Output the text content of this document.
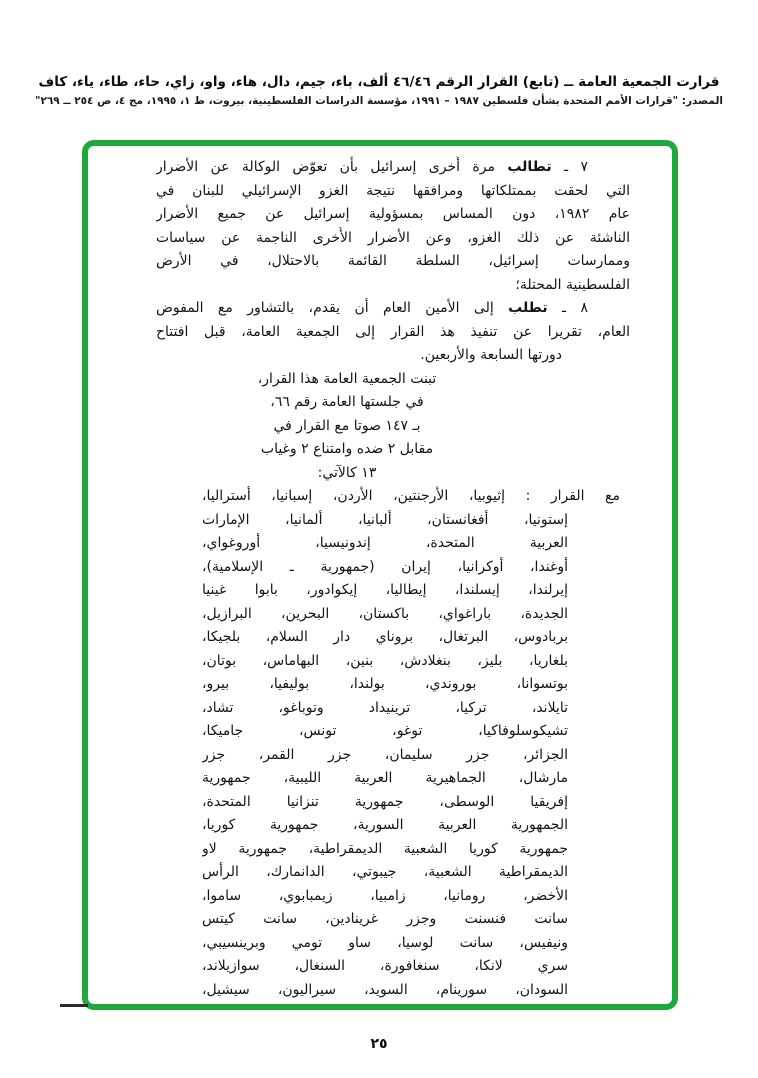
قرارت الجمعية العامة ــ (تابع) القرار الرقم ٤٦/٤٦ ألف، باء، جيم، دال، هاء، واو، زاي، حاء، طاء، ياء، كاف
المصدر: "قرارات الأمم المتحدة بشأن فلسطين ١٩٨٧ – ١٩٩١، مؤسسة الدراسات الفلسطينية، بيروت، ط ١، ١٩٩٥، مج ٤، ص ٢٥٤ ــ ٢٦٩"
٧ ـ تطالب مرة أُخرى إسرائيل بأن تعوّض الوكالة عن الأضرار
التي لحقت بممتلكاتها ومرافقها نتيجة الغزو الإسرائيلي للبنان في
عام ١٩٨٢، دون المساس بمسؤولية إسرائيل عن جميع الأضرار
الناشئة عن ذلك الغزو، وعن الأضرار الأُخرى الناجمة عن سياسات
وممارسات إسرائيل، السلطة القائمة بالاحتلال، في الأرض
الفلسطينية المحتلة؛
٨ ـ تطلب إلى الأمين العام أن يقدم، بالتشاور مع المفوض
العام، تقريرا عن تنفيذ هذ القرار إلى الجمعية العامة، قبل افتتاح
دورتها السابعة والأربعين.
تبنت الجمعية العامة هذا القرار،
في جلستها العامة رقم ٦٦،
بـ ١٤٧ صوتا مع القرار في
مقابل ٢ ضده وامتناع ٢ وغياب
١٣ كالآتي:
مع القرار : إثيوبيا، الأرجنتين، الأردن، إسبانيا، أستراليا،
إستونيا، أفغانستان، ألبانيا، ألمانيا، الإمارات
العربية المتحدة، إندونيسيا، أوروغواي،
أوغندا، أوكرانيا، إيران (جمهورية ـ الإسلامية)،
إيرلندا، إيسلندا، إيطاليا، إيكوادور، بابوا غينيا
الجديدة، باراغواي، باكستان، البحرين، البرازيل،
بربادوس، البرتغال، بروناي دار السلام، بلجيكا،
بلغاريا، بليز، بنغلادش، بنين، البهاماس، بوتان،
بوتسوانا، بوروندي، بولندا، بوليفيا، بيرو،
تايلاند، تركيا، ترينيداد وتوباغو، تشاد،
تشيكوسلوفاكيا، توغو، تونس، جاميكا،
الجزائر، جزر سليمان، جزر القمر، جزر
مارشال، الجماهيرية العربية الليبية، جمهورية
إفريقيا الوسطى، جمهورية تنزانيا المتحدة،
الجمهورية العربية السورية، جمهورية كوريا،
جمهورية كوريا الشعبية الديمقراطية، جمهورية لاو
الديمقراطية الشعبية، جيبوتي، الدانمارك، الرأس
الأخضر، رومانيا، زامبيا، زيمبابوي، ساموا،
سانت فنسنت وجزر غرينادين، سانت كيتس
ونيفيس، سانت لوسيا، ساو تومي وبرينسيبي،
سري لانكا، سنغافورة، السنغال، سوازيلاند،
السودان، سورينام، السويد، سيراليون، سيشيل،
٢٥
